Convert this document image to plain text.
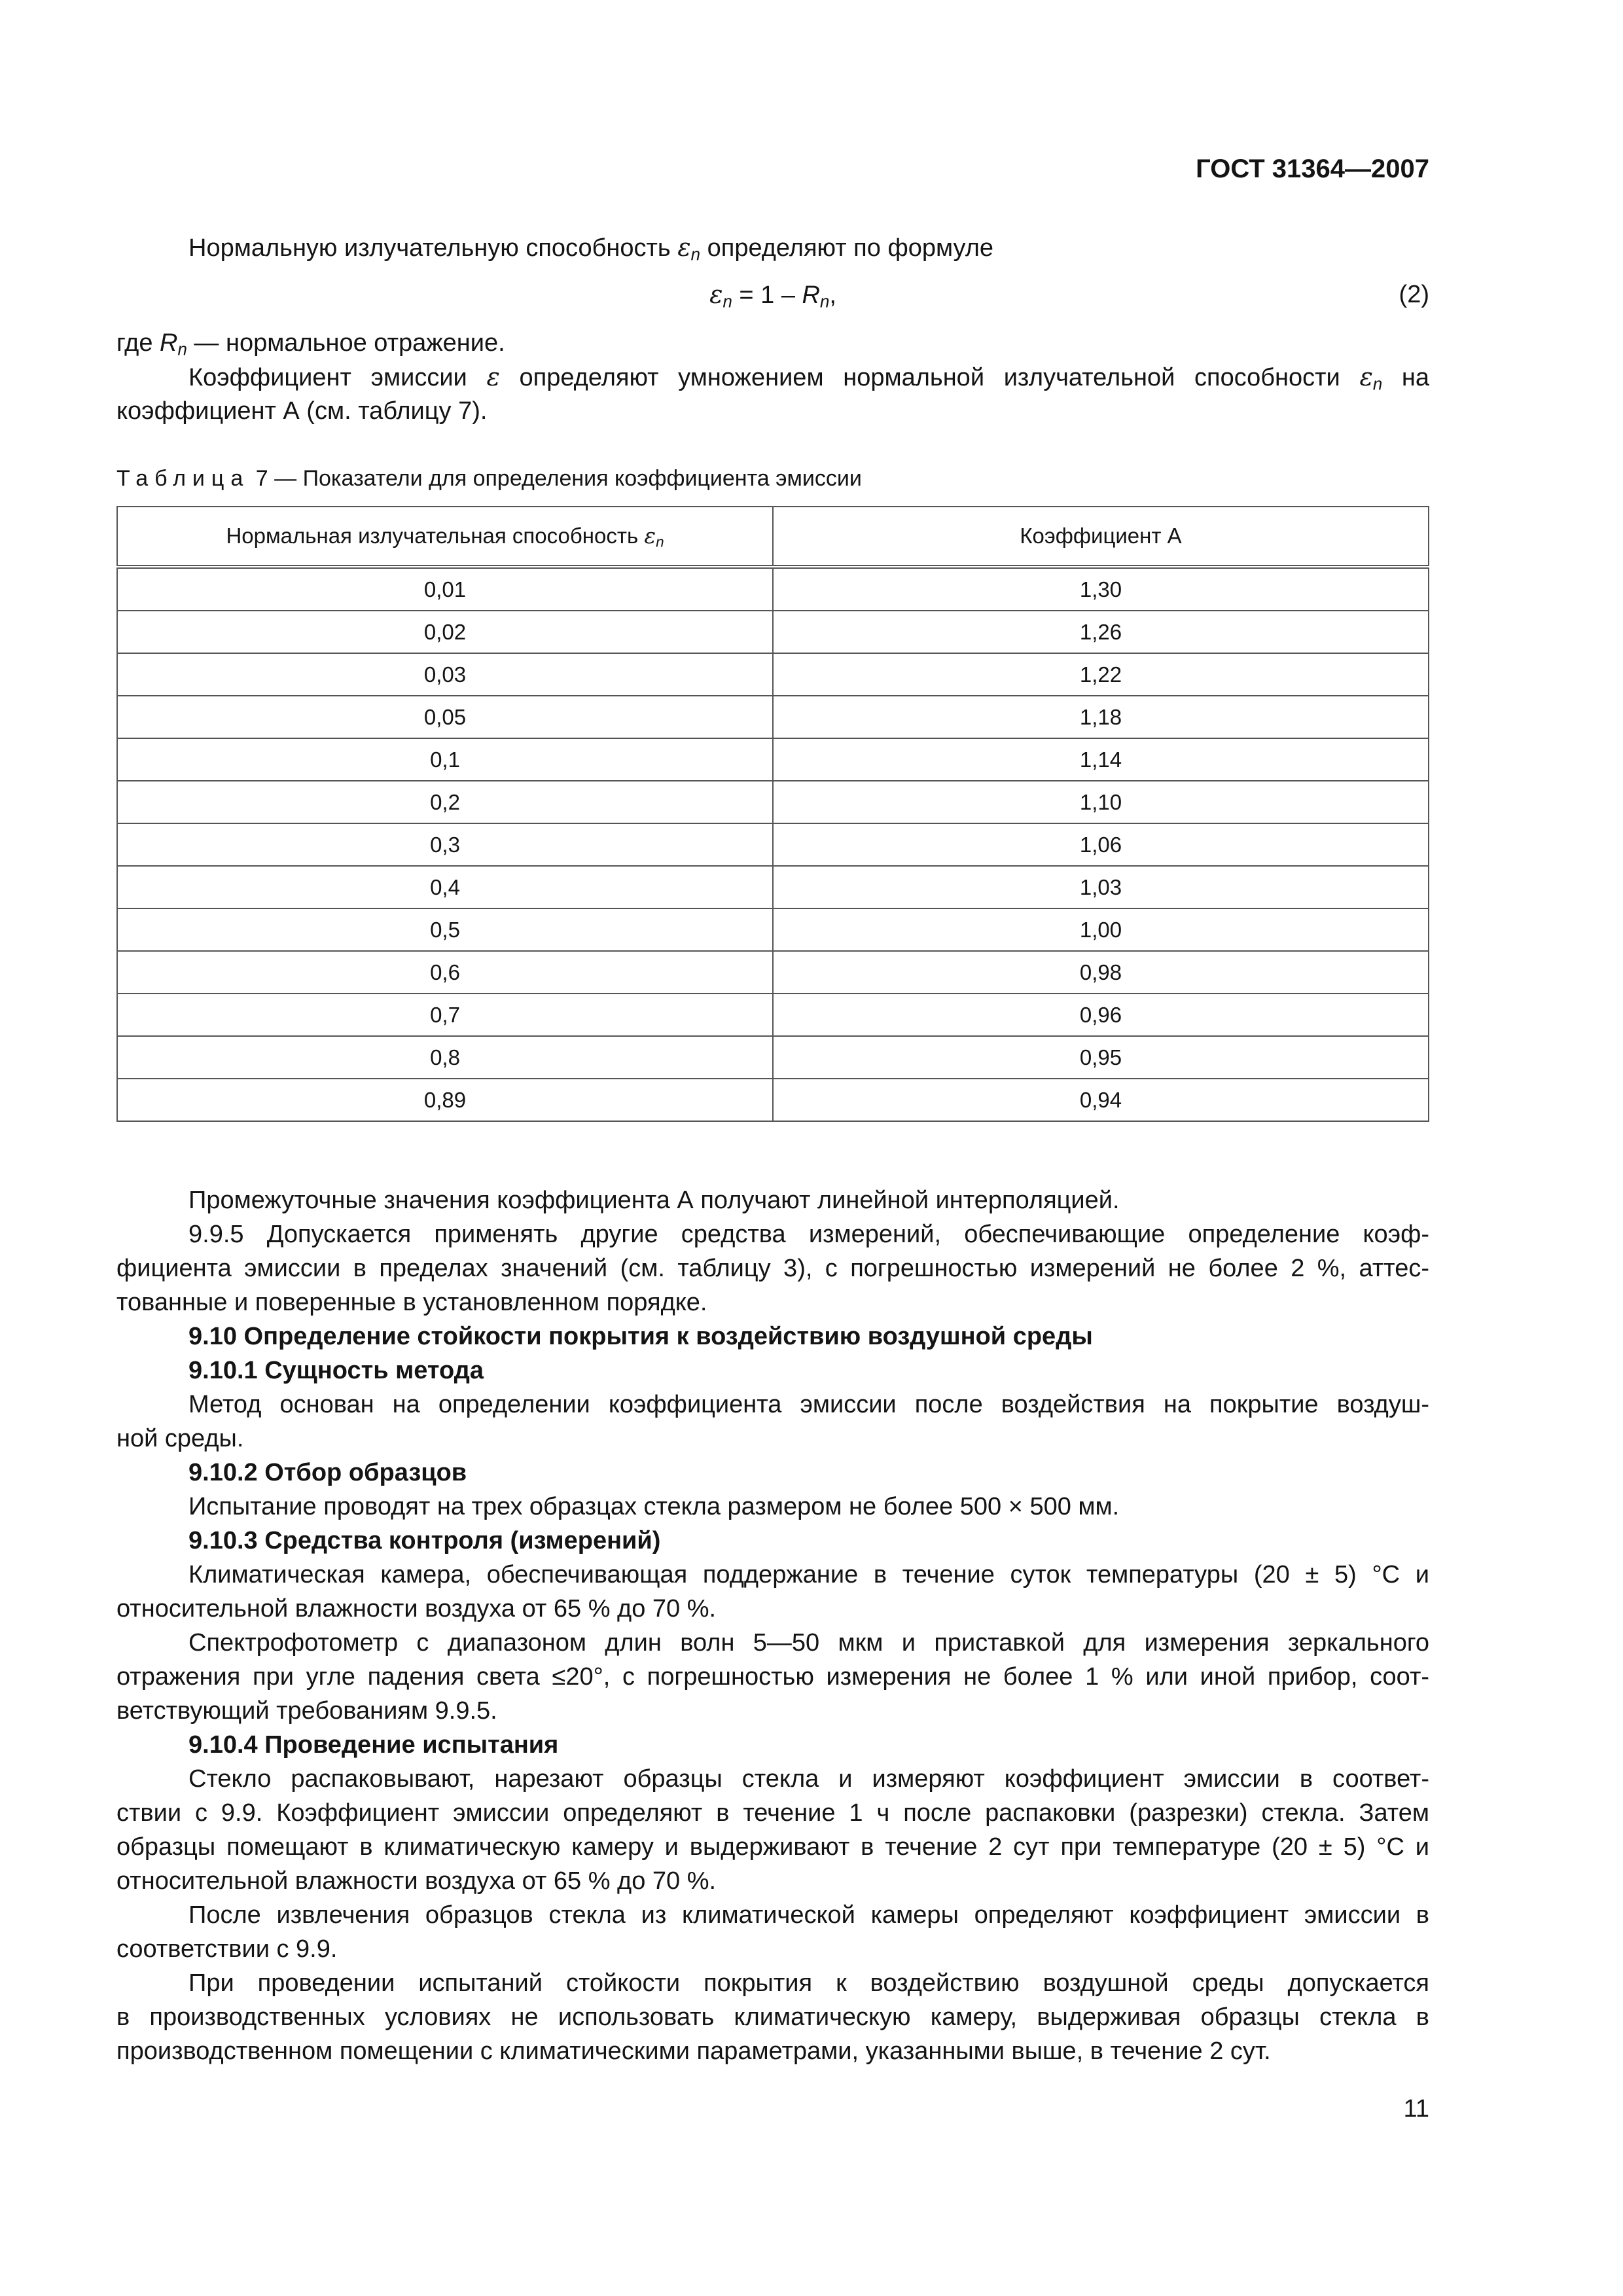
ГОСТ 31364—2007
Нормальную излучательную способность $\varepsilon_n$ определяют по формуле
$\varepsilon_n = 1 - R_n$,	(2)
где $R_n$ — нормальное отражение.
Коэффициент эмиссии ε определяют умножением нормальной излучательной способности $\varepsilon_n$ на
коэффициент А (см. таблицу 7).
Таблица 7 — Показатели для определения коэффициента эмиссии
Нормальная излучательная способность $\varepsilon_n$	Коэффициент А
0,01	1,30
0,02	1,26
0,03	1,22
0,05	1,18
0,1	1,14
0,2	1,10
0,3	1,06
0,4	1,03
0,5	1,00
0,6	0,98
0,7	0,96
0,8	0,95
0,89	0,94
Промежуточные значения коэффициента А получают линейной интерполяцией.
9.9.5 Допускается применять другие средства измерений, обеспечивающие определение коэф-
фициента эмиссии в пределах значений (см. таблицу 3), с погрешностью измерений не более 2 %, аттес-
тованные и поверенные в установленном порядке.
9.10 Определение стойкости покрытия к воздействию воздушной среды
9.10.1 Сущность метода
Метод основан на определении коэффициента эмиссии после воздействия на покрытие воздуш-
ной среды.
9.10.2 Отбор образцов
Испытание проводят на трех образцах стекла размером не более 500 × 500 мм.
9.10.3 Средства контроля (измерений)
Климатическая камера, обеспечивающая поддержание в течение суток температуры (20 ± 5) °С и
относительной влажности воздуха от 65 % до 70 %.
Спектрофотометр с диапазоном длин волн 5—50 мкм и приставкой для измерения зеркального
отражения при угле падения света ≤20°, с погрешностью измерения не более 1 % или иной прибор, соот-
ветствующий требованиям 9.9.5.
9.10.4 Проведение испытания
Стекло распаковывают, нарезают образцы стекла и измеряют коэффициент эмиссии в соответ-
ствии с 9.9. Коэффициент эмиссии определяют в течение 1 ч после распаковки (разрезки) стекла. Затем
образцы помещают в климатическую камеру и выдерживают в течение 2 сут при температуре (20 ± 5) °С и
относительной влажности воздуха от 65 % до 70 %.
После извлечения образцов стекла из климатической камеры определяют коэффициент эмиссии в
соответствии с 9.9.
При проведении испытаний стойкости покрытия к воздействию воздушной среды допускается
в производственных условиях не использовать климатическую камеру, выдерживая образцы стекла в
производственном помещении с климатическими параметрами, указанными выше, в течение 2 сут.
11
